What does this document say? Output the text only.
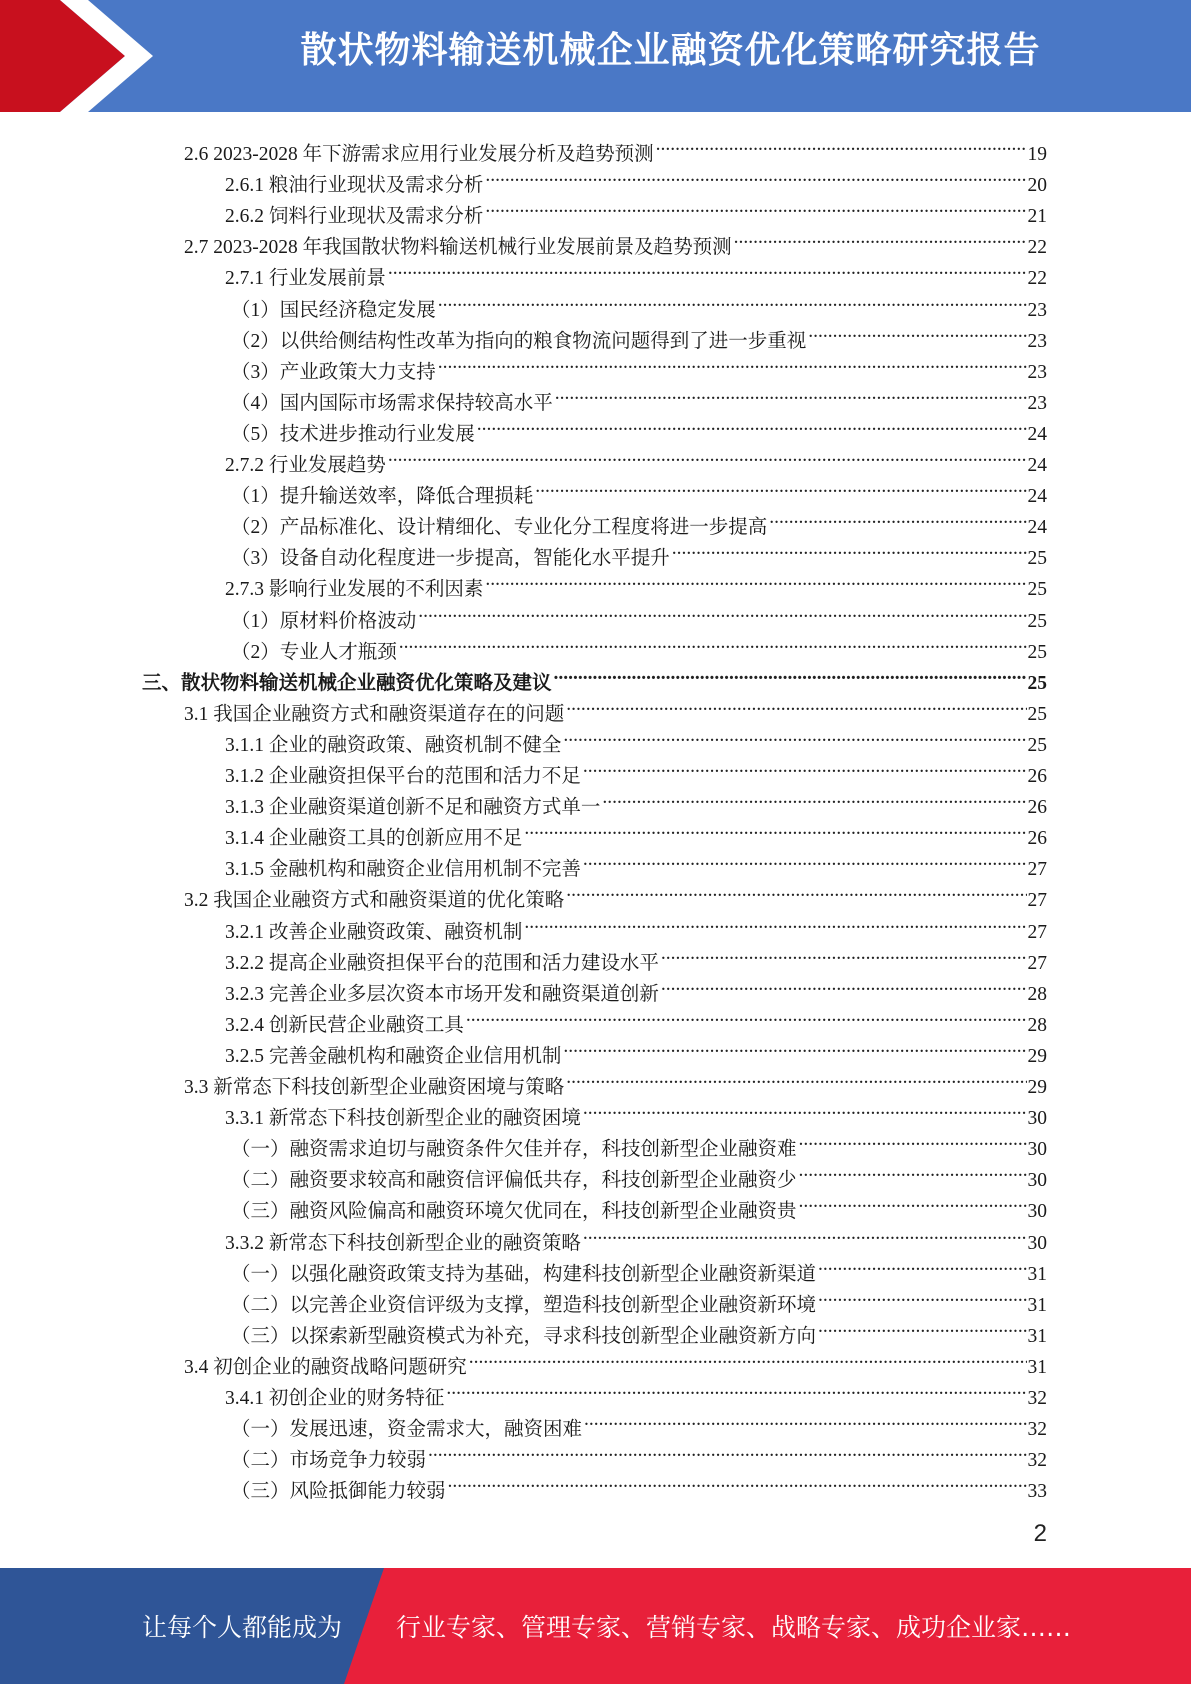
散状物料输送机械企业融资优化策略研究报告
2.6 2023-2028 年下游需求应用行业发展分析及趋势预测 .....	19
2.6.1 粮油行业现状及需求分析 .....	20
2.6.2 饲料行业现状及需求分析 .....	21
2.7 2023-2028 年我国散状物料输送机械行业发展前景及趋势预测 .....	22
2.7.1 行业发展前景 .....	22
（1）国民经济稳定发展 .....	23
（2）以供给侧结构性改革为指向的粮食物流问题得到了进一步重视 .....	23
（3）产业政策大力支持 .....	23
（4）国内国际市场需求保持较高水平 .....	23
（5）技术进步推动行业发展 .....	24
2.7.2 行业发展趋势 .....	24
（1）提升输送效率，降低合理损耗 .....	24
（2）产品标准化、设计精细化、专业化分工程度将进一步提高 .....	24
（3）设备自动化程度进一步提高，智能化水平提升 .....	25
2.7.3 影响行业发展的不利因素 .....	25
（1）原材料价格波动 .....	25
（2）专业人才瓶颈 .....	25
三、散状物料输送机械企业融资优化策略及建议 .....	25
3.1 我国企业融资方式和融资渠道存在的问题 .....	25
3.1.1 企业的融资政策、融资机制不健全 .....	25
3.1.2 企业融资担保平台的范围和活力不足 .....	26
3.1.3 企业融资渠道创新不足和融资方式单一 .....	26
3.1.4 企业融资工具的创新应用不足 .....	26
3.1.5 金融机构和融资企业信用机制不完善 .....	27
3.2 我国企业融资方式和融资渠道的优化策略 .....	27
3.2.1 改善企业融资政策、融资机制 .....	27
3.2.2 提高企业融资担保平台的范围和活力建设水平 .....	27
3.2.3 完善企业多层次资本市场开发和融资渠道创新 .....	28
3.2.4 创新民营企业融资工具 .....	28
3.2.5 完善金融机构和融资企业信用机制 .....	29
3.3 新常态下科技创新型企业融资困境与策略 .....	29
3.3.1 新常态下科技创新型企业的融资困境 .....	30
（一）融资需求迫切与融资条件欠佳并存，科技创新型企业融资难 .....	30
（二）融资要求较高和融资信评偏低共存，科技创新型企业融资少 .....	30
（三）融资风险偏高和融资环境欠优同在，科技创新型企业融资贵 .....	30
3.3.2 新常态下科技创新型企业的融资策略 .....	30
（一）以强化融资政策支持为基础，构建科技创新型企业融资新渠道 .....	31
（二）以完善企业资信评级为支撑，塑造科技创新型企业融资新环境 .....	31
（三）以探索新型融资模式为补充，寻求科技创新型企业融资新方向 .....	31
3.4 初创企业的融资战略问题研究 .....	31
3.4.1 初创企业的财务特征 .....	32
（一）发展迅速，资金需求大，融资困难 .....	32
（二）市场竞争力较弱 .....	32
（三）风险抵御能力较弱 .....	33
2
让每个人都能成为 行业专家、管理专家、营销专家、战略专家、成功企业家……
